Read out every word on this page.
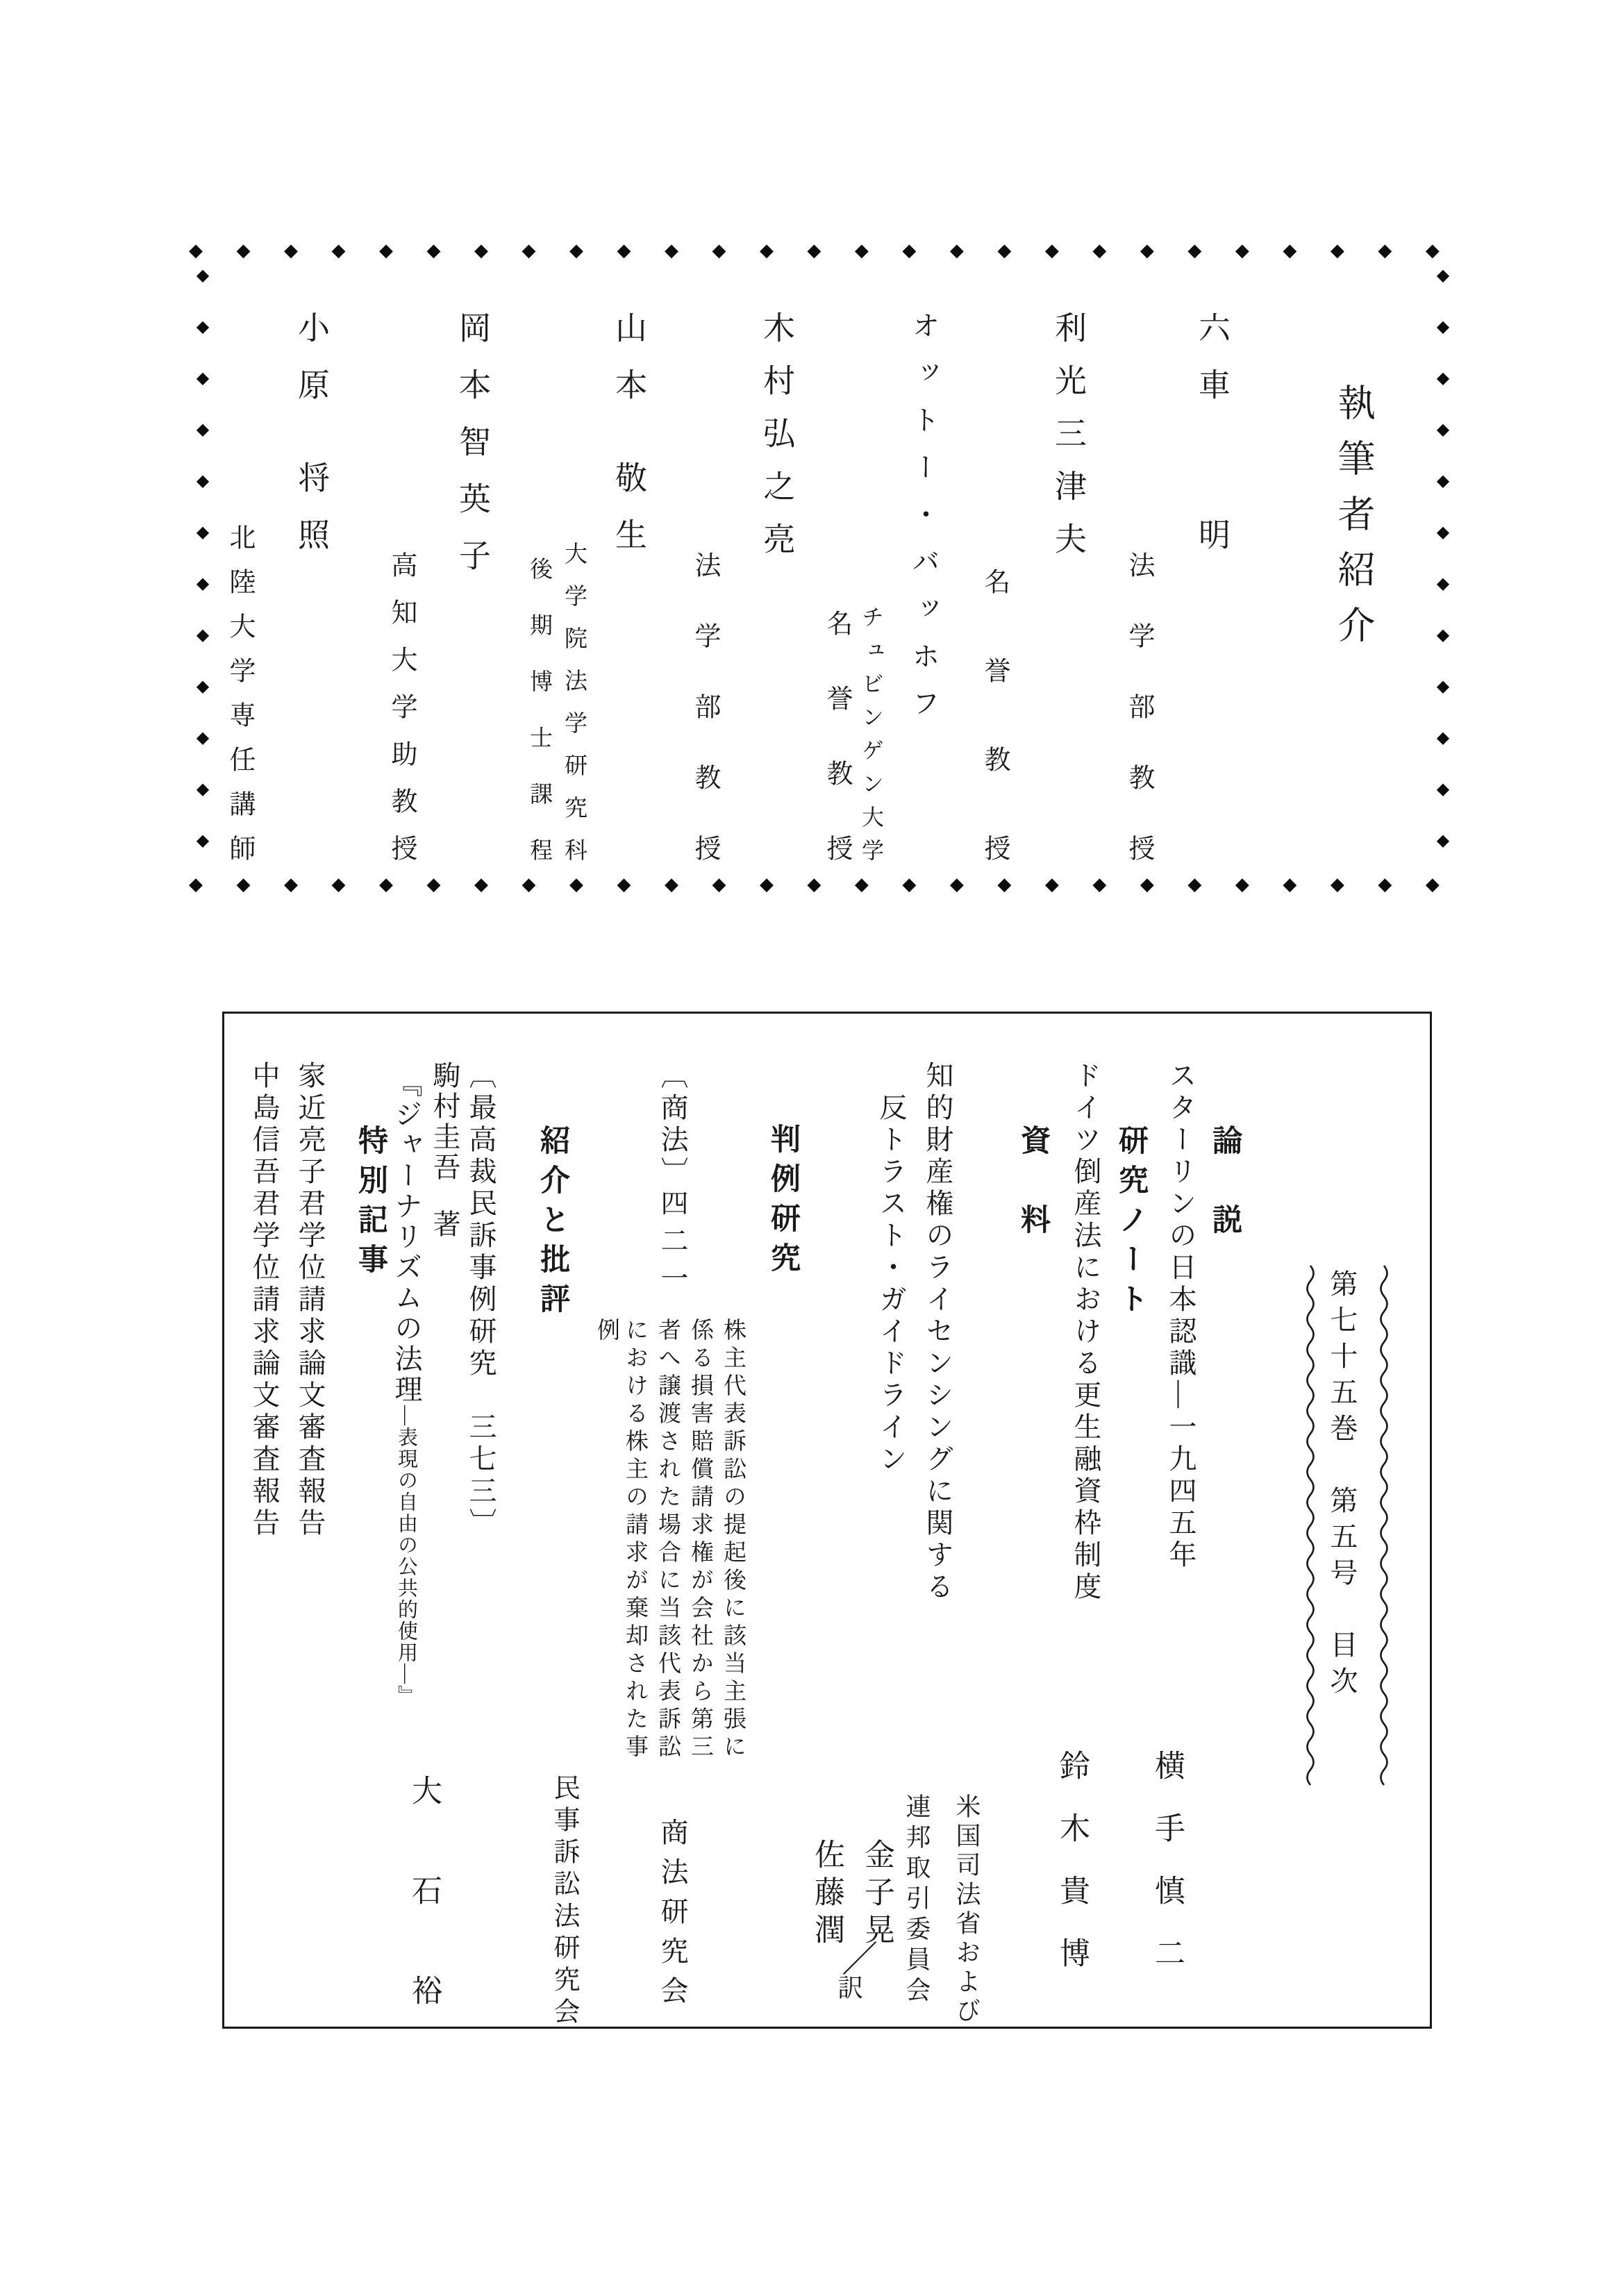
◆ ◆ ◆ ◆ ◆ ◆ ◆ ◆ ◆ ◆ ◆ ◆ ◆ ◆ ◆ ◆ ◆ ◆ ◆ ◆ ◆ ◆ ◆ ◆ ◆ ◆ ◆ ◆ ◆ ◆ ◆ ◆ ◆ ◆ ◆ ◆ ◆ ◆ ◆ ◆ ◆ ◆ ◆ ◆ ◆ ◆
◆ ◆ ◆ ◆ ◆ ◆ ◆ ◆ ◆ ◆ ◆ ◆ ◆ ◆ ◆ ◆ ◆ ◆ ◆ ◆ ◆ ◆ ◆ ◆ ◆ ◆ ◆ ◆ ◆ ◆ ◆ ◆ ◆ ◆ ◆ ◆ ◆ ◆ ◆ ◆ ◆ ◆ ◆ ◆ ◆ ◆
◆ ◆ ◆ ◆ ◆ ◆ ◆ ◆ ◆ ◆ ◆ ◆ ◆ ◆ ◆ ◆ ◆ ◆ ◆ ◆ ◆ ◆ ◆ ◆
◆ ◆ ◆ ◆ ◆ ◆ ◆ ◆ ◆ ◆ ◆ ◆ ◆ ◆ ◆ ◆ ◆ ◆ ◆ ◆ ◆ ◆ ◆ ◆
執筆者紹介
六車
明
法学部教授
利光三津夫
名誉教授
オットー・バッホフ
チュビンゲン大学
名誉教授
木村弘之亮
法学部教授
山本
敬生
大学院法学研究科
後期博士課程
岡本
智英子
高知大学助教授
小原
将照
北陸大学専任講師
第七十五巻　第五号　目次
論　説
スターリンの日本認識―一九四五年
横手慎二
研究ノート
ドイツ倒産法における更生融資枠制度
鈴木貴博
資　料
知的財産権のライセンシングに関する
反トラスト・ガイドライン
米国司法省および
連邦取引委員会
金子
晃
佐藤
潤
／
訳
判例研究
〔商法〕
四二一
株主代表訴訟の提起後に該当主張に
係る損害賠償請求権が会社から第三
者へ譲渡された場合に当該代表訴訟
における株主の請求が棄却された事
例
商法研究会
紹介と批評
〔最高裁民訴事例研究　三七三〕
民事訴訟法研究会
駒村圭吾
著
『ジャーナリズムの法理―表現の自由の公共的使用―』
大石裕
特別記事
家近亮子君学位請求論文審査報告
中島信吾君学位請求論文審査報告
